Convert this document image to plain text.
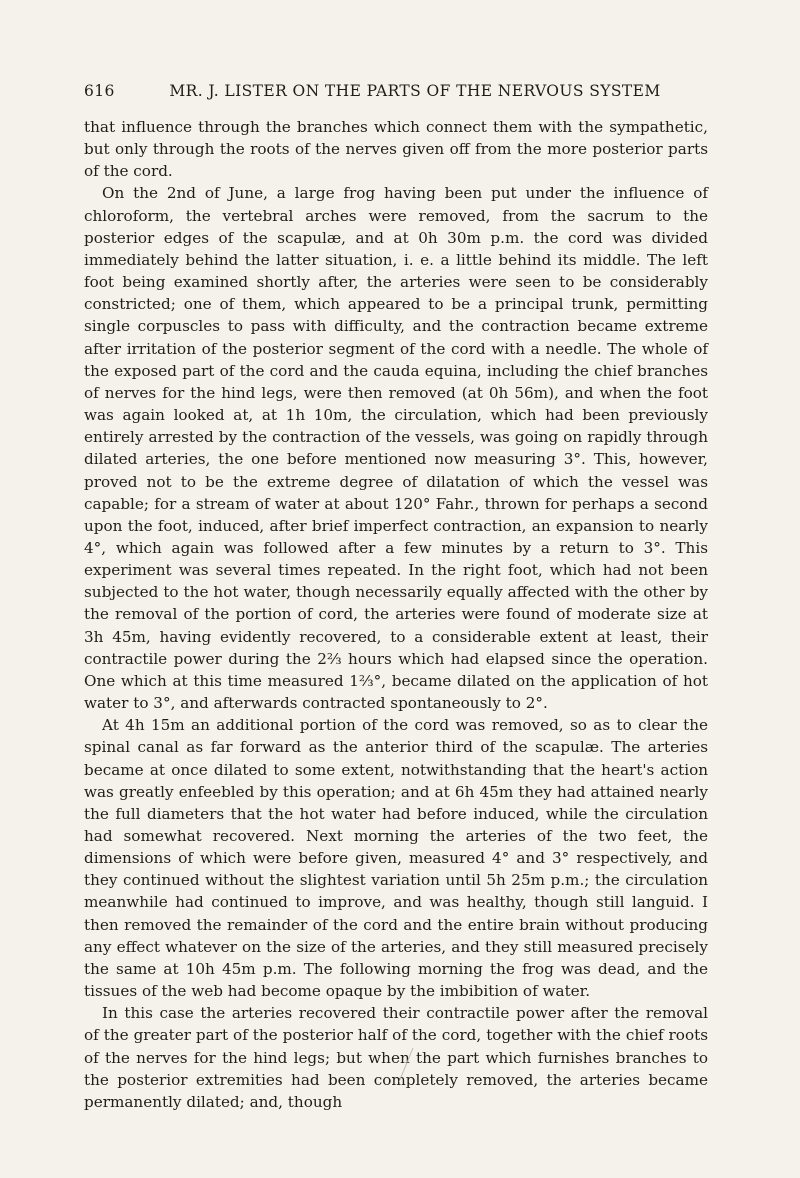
616	MR. J. LISTER ON THE PARTS OF THE NERVOUS SYSTEM

that influence through the branches which connect them with the sympathetic, but only through the roots of the nerves given off from the more posterior parts of the cord.

On the 2nd of June, a large frog having been put under the influence of chloroform, the vertebral arches were removed, from the sacrum to the posterior edges of the scapulæ, and at 0h 30m p.m. the cord was divided immediately behind the latter situation, i. e. a little behind its middle. The left foot being examined shortly after, the arteries were seen to be considerably constricted; one of them, which appeared to be a principal trunk, permitting single corpuscles to pass with difficulty, and the contraction became extreme after irritation of the posterior segment of the cord with a needle. The whole of the exposed part of the cord and the cauda equina, including the chief branches of nerves for the hind legs, were then removed (at 0h 56m), and when the foot was again looked at, at 1h 10m, the circulation, which had been previously entirely arrested by the contraction of the vessels, was going on rapidly through dilated arteries, the one before mentioned now measuring 3°. This, however, proved not to be the extreme degree of dilatation of which the vessel was capable; for a stream of water at about 120° Fahr., thrown for perhaps a second upon the foot, induced, after brief imperfect contraction, an expansion to nearly 4°, which again was followed after a few minutes by a return to 3°. This experiment was several times repeated. In the right foot, which had not been subjected to the hot water, though necessarily equally affected with the other by the removal of the portion of cord, the arteries were found of moderate size at 3h 45m, having evidently recovered, to a considerable extent at least, their contractile power during the 2⅔ hours which had elapsed since the operation. One which at this time measured 1⅔°, became dilated on the application of hot water to 3°, and afterwards contracted spontaneously to 2°.

At 4h 15m an additional portion of the cord was removed, so as to clear the spinal canal as far forward as the anterior third of the scapulæ. The arteries became at once dilated to some extent, notwithstanding that the heart's action was greatly enfeebled by this operation; and at 6h 45m they had attained nearly the full diameters that the hot water had before induced, while the circulation had somewhat recovered. Next morning the arteries of the two feet, the dimensions of which were before given, measured 4° and 3° respectively, and they continued without the slightest variation until 5h 25m p.m.; the circulation meanwhile had continued to improve, and was healthy, though still languid. I then removed the remainder of the cord and the entire brain without producing any effect whatever on the size of the arteries, and they still measured precisely the same at 10h 45m p.m. The following morning the frog was dead, and the tissues of the web had become opaque by the imbibition of water.

In this case the arteries recovered their contractile power after the removal of the greater part of the posterior half of the cord, together with the chief roots of the nerves for the hind legs; but when the part which furnishes branches to the posterior extremities had been completely removed, the arteries became permanently dilated; and, though
